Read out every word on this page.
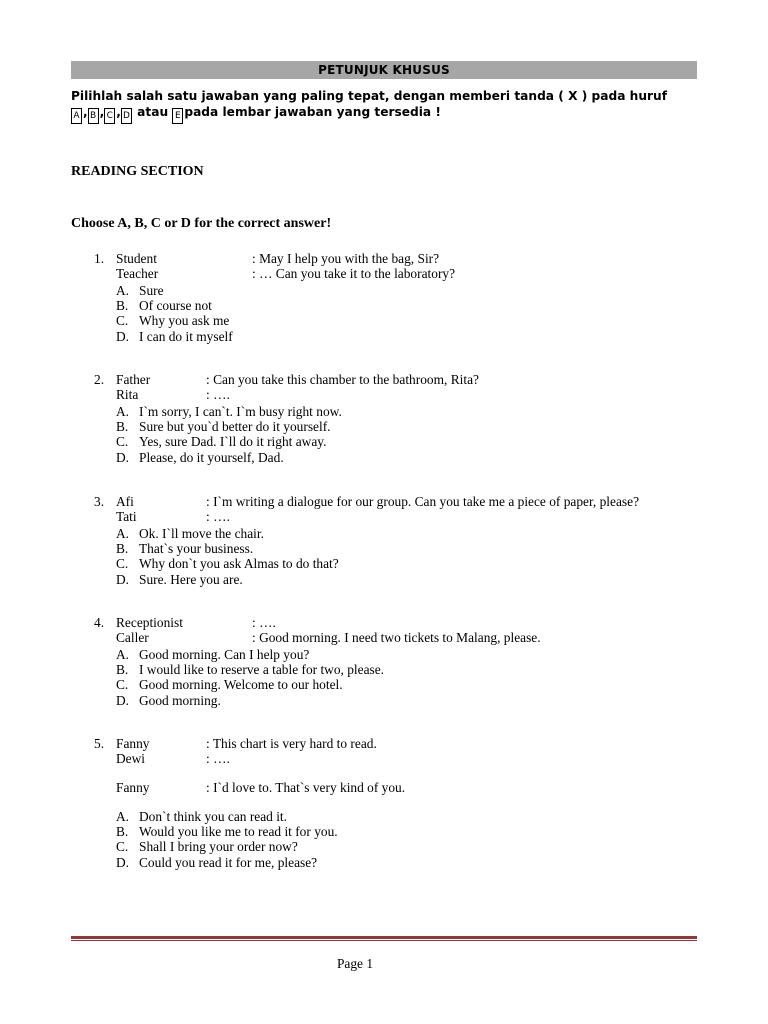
PETUNJUK KHUSUS
Pilihlah salah satu jawaban yang paling tepat, dengan memberi tanda ( X ) pada huruf
A , B , C , D atau E pada lembar jawaban yang tersedia !
READING SECTION
Choose A, B, C or D for the correct answer!
1. Student	: May I help you with the bag, Sir?
Teacher	: … Can you take it to the laboratory?
A. Sure
B. Of course not
C. Why you ask me
D. I can do it myself
2. Father	: Can you take this chamber to the bathroom, Rita?
Rita	: ….
A. I`m sorry, I can`t. I`m busy right now.
B. Sure but you`d better do it yourself.
C. Yes, sure Dad. I`ll do it right away.
D. Please, do it yourself, Dad.
3. Afi	: I`m writing a dialogue for our group. Can you take me a piece of paper, please?
Tati	: ….
A. Ok. I`ll move the chair.
B. That`s your business.
C. Why don`t you ask Almas to do that?
D. Sure. Here you are.
4. Receptionist	: ….
Caller	: Good morning. I need two tickets to Malang, please.
A. Good morning. Can I help you?
B. I would like to reserve a table for two, please.
C. Good morning. Welcome to our hotel.
D. Good morning.
5. Fanny	: This chart is very hard to read.
Dewi	: ….
Fanny	: I`d love to. That`s very kind of you.
A. Don`t think you can read it.
B. Would you like me to read it for you.
C. Shall I bring your order now?
D. Could you read it for me, please?
Page 1
